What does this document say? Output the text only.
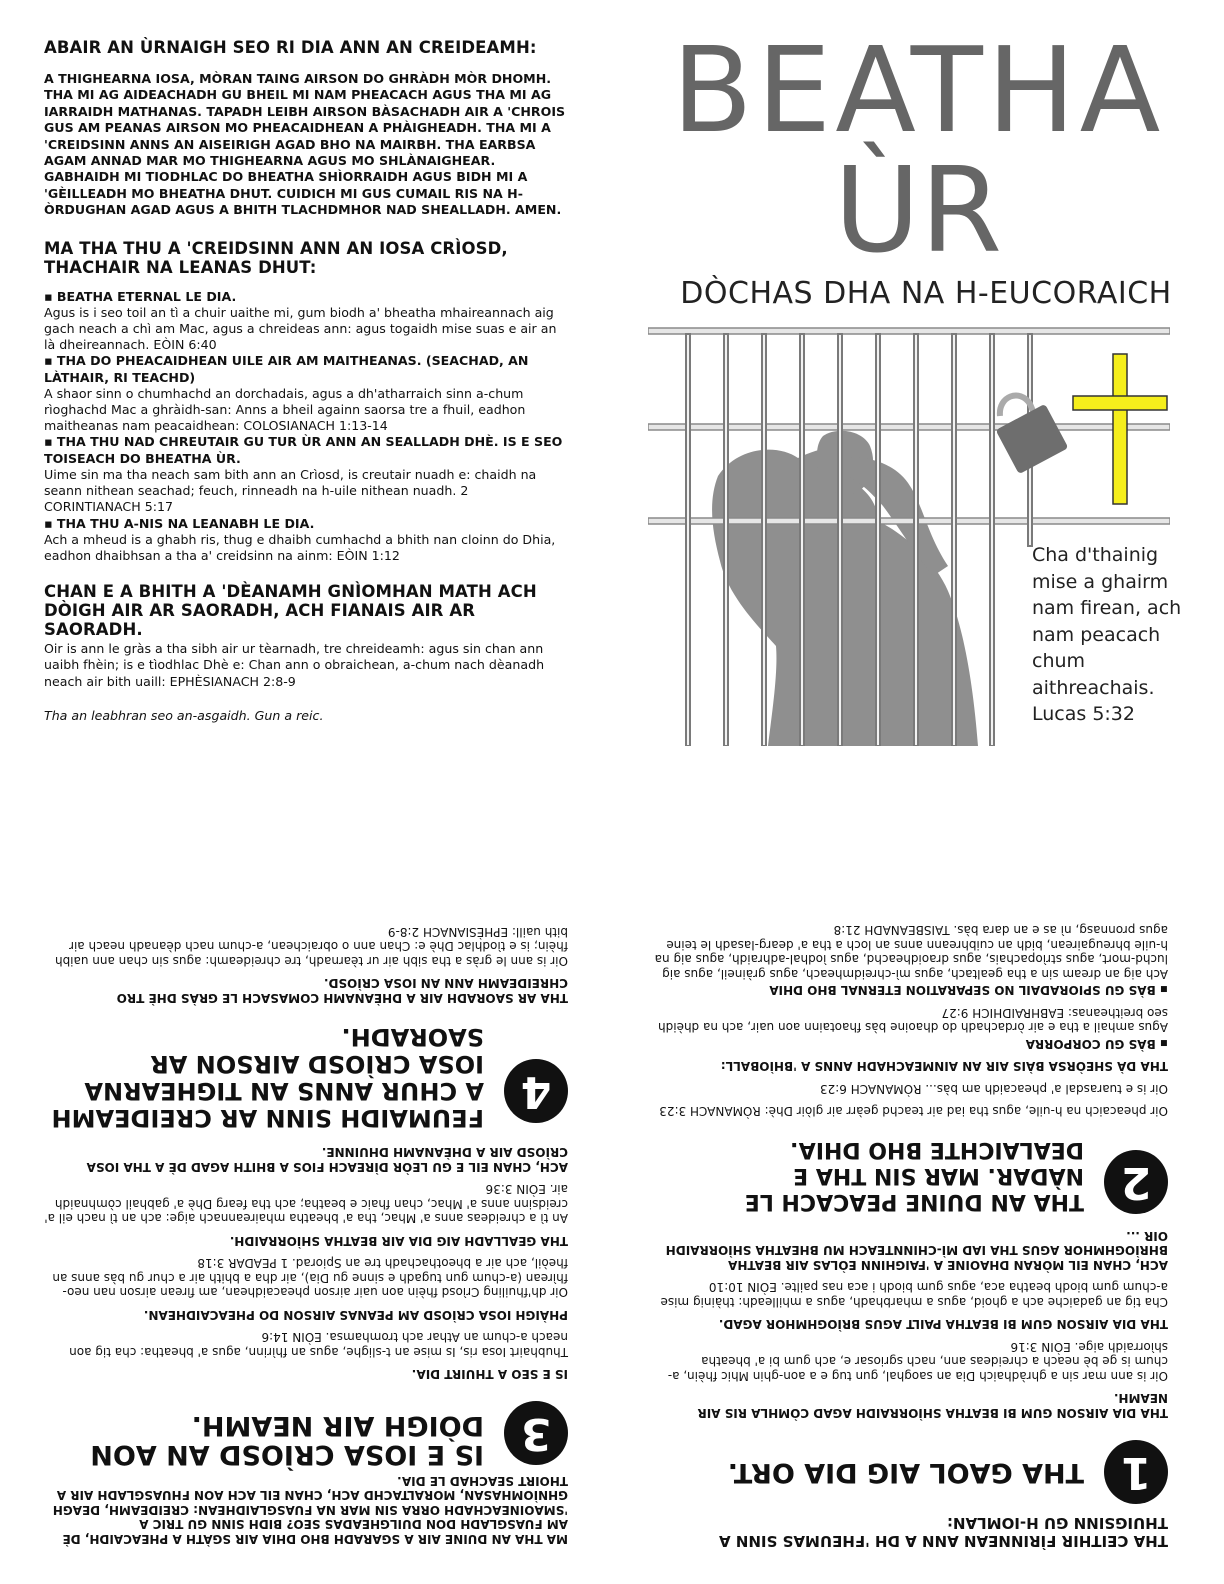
ABAIR AN ÙRNAIGH SEO RI DIA ANN AN CREIDEAMH:

A THIGHEARNA IOSA, MÒRAN TAING AIRSON DO GHRÀDH MÒR DHOMH. THA MI AG AIDEACHADH GU BHEIL MI NAM PHEACACH AGUS THA MI AG IARRAIDH MATHANAS. TAPADH LEIBH AIRSON BÀSACHADH AIR A 'CHROIS GUS AM PEANAS AIRSON MO PHEACAIDHEAN A PHÀIGHEADH. THA MI A 'CREIDSINN ANNS AN AISEIRIGH AGAD BHO NA MAIRBH. THA EARBSA AGAM ANNAD MAR MO THIGHEARNA AGUS MO SHLÀNAIGHEAR. GABHAIDH MI TIODHLAC DO BHEATHA SHÌORRAIDH AGUS BIDH MI A 'GÈILLEADH MO BHEATHA DHUT. CUIDICH MI GUS CUMAIL RIS NA H-ÒRDUGHAN AGAD AGUS A BHITH TLACHDMHOR NAD SHEALLADH. AMEN.

MA THA THU A 'CREIDSINN ANN AN IOSA CRÌOSD, THACHAIR NA LEANAS DHUT:
▪ BEATHA ETERNAL LE DIA.
Agus is i seo toil an tì a chuir uaithe mi, gum biodh a' bheatha mhaireannach aig gach neach a chì am Mac, agus a chreideas ann: agus togaidh mise suas e air an là dheireannach. EÒIN 6:40
▪ THA DO PHEACAIDHEAN UILE AIR AM MAITHEANAS. (SEACHAD, AN LÀTHAIR, RI TEACHD)
A shaor sinn o chumhachd an dorchadais, agus a dh'atharraich sinn a-chum rìoghachd Mac a ghràidh-san: Anns a bheil againn saorsa tre a fhuil, eadhon maitheanas nam peacaidhean: COLOSIANACH 1:13-14
▪ THA THU NAD CHREUTAIR GU TUR ÙR ANN AN SEALLADH DHÈ. IS E SEO TOISEACH DO BHEATHA ÙR.
Uime sin ma tha neach sam bith ann an Crìosd, is creutair nuadh e: chaidh na seann nithean seachad; feuch, rinneadh na h-uile nithean nuadh. 2 CORINTIANACH 5:17
▪ THA THU A-NIS NA LEANABH LE DIA.
Ach a mheud is a ghabh ris, thug e dhaibh cumhachd a bhith nan cloinn do Dhia, eadhon dhaibhsan a tha a' creidsinn na ainm: EÒIN 1:12
CHAN E A BHITH A 'DÈANAMH GNÌOMHAN MATH ACH DÒIGH AIR AR SAORADH, ACH FIANAIS AIR AR SAORADH.
Oir is ann le gràs a tha sibh air ur tèarnadh, tre chreideamh: agus sin chan ann uaibh fhèin; is e tìodhlac Dhè e: Chan ann o obraichean, a-chum nach dèanadh neach air bith uaill: EPHÈSIANACH 2:8-9
Tha an leabhran seo an-asgaidh. Gun a reic.
BEATHA
ÙR
DÒCHAS DHA NA H-EUCORAICH
Cha d'thainig mise a ghairm nam firean, ach nam peacach chum aithreachais. Lucas 5:32
MA THA AN DUINE AIR A SGARADH BHO DHIA AIR SGÀTH A PHEACAIDH, DÈ AM FUASGLADH DON DUILGHEADAS SEO? BIDH SINN GU TRIC A 'SMAOINEACHADH ORRA SIN MAR NA FUASGLAIDHEAN: CREIDEAMH, DEAGH GHNÌOMHASAN, MORALTACHD ACH, CHAN EIL ACH AON FHUASGLADH AIR A THOIRT SEACHAD LE DIA.
3

IS E IOSA CRÌOSD AN AON DÒIGH AIR NEAMH.

IS E SEO A THUIRT DIA.
Thubhairt Iosa ris, Is mise an t-slighe, agus an fhìrinn, agus a' bheatha: cha tig aon neach a-chum an Athar ach tromhamsa. EÒIN 14:6
PHÀIGH IOSA CRÌOSD AM PEANAS AIRSON DO PHEACAIDHEAN.
Oir dh'fhuiling Crìosd fhèin aon uair airson pheacaidhean, am fìrean airson nan neo-fhìrean (a-chum gun tugadh e sinne gu Dia), air dha a bhith air a chur gu bàs anns an fheòil, ach air a bheothachadh tre an Spiorad. 1 PEADAR 3:18
THA GEALLADH AIG DIA AIR BEATHA SHÌORRAIDH.
An tì a chreideas anns a' Mhac, tha a' bheatha mhaireannach aige: ach an tì nach eil a' creidsinn anns a' Mhac, chan fhaic e beatha; ach tha fearg Dhè a' gabhail còmhnaidh air. EÒIN 3:36
ACH, CHAN EIL E GU LEÒR DÌREACH FIOS A BHITH AGAD DÈ A THA IOSA CRÌOSD AIR A DHÈANAMH DHUINNE.
4

FEUMAIDH SINN AR CREIDEAMH A CHUR ANNS AN TIGHEARNA IOSA CRÌOSD AIRSON AR SAORADH.

THA AR SAORADH AIR A DHÈANAMH COMASACH LE GRÀS DHÈ TRO CHREIDEAMH ANN AN IOSA CRÌOSD.
Oir is ann le gràs a tha sibh air ur tèarnadh, tre chreideamh: agus sin chan ann uaibh fhèin; is e tìodhlac Dhè e: Chan ann o obraichean, a-chum nach dèanadh neach air bith uaill: EPHÈSIANACH 2:8-9
THA CEITHIR FÌRINNEAN ANN A DH 'FHEUMAS SINN A THUIGSINN GU H-IOMLAN:
1

THA GAOL AIG DIA ORT.

THA DIA AIRSON GUM BI BEATHA SHÌORRAIDH AGAD CÒMHLA RIS AIR NEAMH.
Oir is ann mar sin a ghràdhaich Dia an saoghal, gun tug e a aon-ghin Mhic fhèin, a-chum is ge bè neach a chreideas ann, nach sgriosar e, ach gum bi a' bheatha shìorraidh aige. EÒIN 3:16
THA DIA AIRSON GUM BI BEATHA PAILT AGUS BRÌOGHMHOR AGAD.
Cha tig an gadaiche ach a ghoid, agus a mharbhadh, agus a mhilleadh: thàinig mise a-chum gum biodh beatha aca, agus gum biodh i aca nas pailte. EÒIN 10:10
ACH, CHAN EIL MÒRAN DHAOINE A 'FAIGHINN EÒLAS AIR BEATHA BHRÌOGHMHOR AGUS THA IAD MÌ-CHINNTEACH MU BHEATHA SHÌORRAIDH OIR ...
2

THA AN DUINE PEACACH LE NÀDAR. MAR SIN THA E DEALAICHTE BHO DHIA.

Oir pheacaich na h-uile, agus tha iad air teachd geàrr air glòir Dhè: RÒMANACH 3:23
Oir is e tuarasdal a' pheacaidh am bàs... RÒMANACH 6:23
THA DÀ SHEÒRSA BÀIS AIR AN AINMEACHADH ANNS A 'BHÌOBALL:
▪ BÀS GU CORPORRA
Agus amhail a tha e air òrdachadh do dhaoine bàs fhaotainn aon uair, ach na dhèidh seo breitheanas: EABHRAIDHICH 9:27
▪ BÀS GU SPIORADAIL NO SEPARATION ETERNAL BHO DHIA
Ach aig an dream sin a tha gealtach, agus mì-chreidmheach, agus gràineil, agus aig luchd-mort, agus strìopachais, agus draoidheachd, agus ìodhal-adhraidh, agus aig na h-uile bhreugairean, bidh an cuibhreann anns an loch a tha a' dearg-lasadh le teine agus pronnasg, nì as e an dara bàs. TAISBEANADH 21:8
